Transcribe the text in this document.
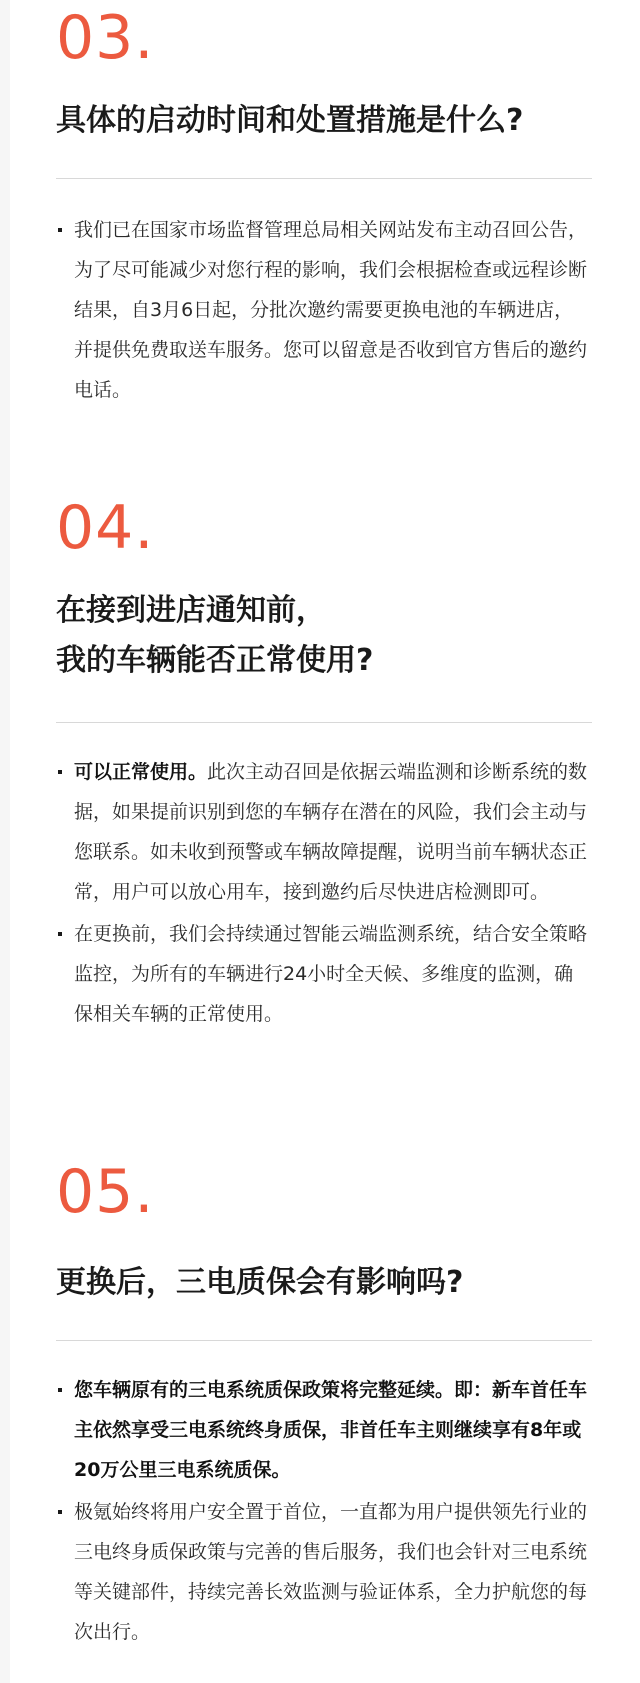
03.
具体的启动时间和处置措施是什么?
我们已在国家市场监督管理总局相关网站发布主动召回公告，为了尽可能减少对您行程的影响，我们会根据检查或远程诊断结果，自3月6日起，分批次邀约需要更换电池的车辆进店，并提供免费取送车服务。您可以留意是否收到官方售后的邀约电话。
04.
在接到进店通知前，
我的车辆能否正常使用?
可以正常使用。此次主动召回是依据云端监测和诊断系统的数据，如果提前识别到您的车辆存在潜在的风险，我们会主动与您联系。如未收到预警或车辆故障提醒，说明当前车辆状态正常，用户可以放心用车，接到邀约后尽快进店检测即可。
在更换前，我们会持续通过智能云端监测系统，结合安全策略监控，为所有的车辆进行24小时全天候、多维度的监测，确保相关车辆的正常使用。
05.
更换后，三电质保会有影响吗?
您车辆原有的三电系统质保政策将完整延续。即：新车首任车主依然享受三电系统终身质保，非首任车主则继续享有8年或20万公里三电系统质保。
极氪始终将用户安全置于首位，一直都为用户提供领先行业的三电终身质保政策与完善的售后服务，我们也会针对三电系统等关键部件，持续完善长效监测与验证体系，全力护航您的每次出行。
